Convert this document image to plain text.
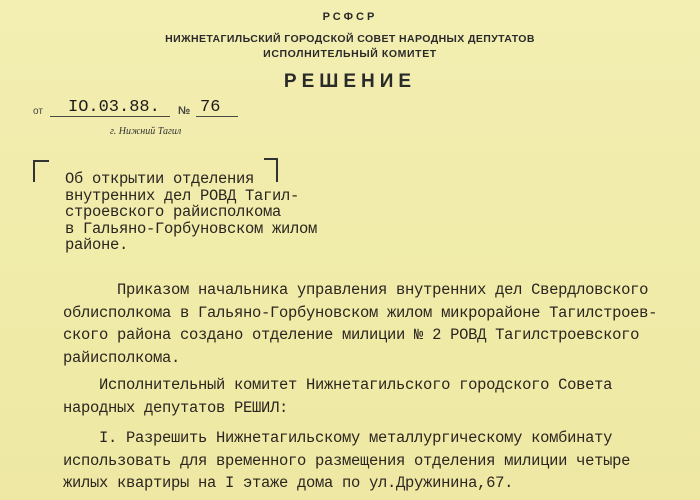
РСФСР
НИЖНЕТАГИЛЬСКИЙ ГОРОДСКОЙ СОВЕТ НАРОДНЫХ ДЕПУТАТОВ
ИСПОЛНИТЕЛЬНЫЙ КОМИТЕТ
РЕШЕНИЕ
от IO.03.88. № 76
г. Нижний Тагил
Об открытии отделения
внутренних дел РОВД Тагил-
строевского райисполкома
в Гальяно-Горбуновском жилом
районе.
Приказом начальника управления внутренних дел Свердловского
облисполкома в Гальяно-Горбуновском жилом микрорайоне Тагилстроев-
ского района создано отделение милиции № 2 РОВД Тагилстроевского
райисполкома.
Исполнительный комитет Нижнетагильского городского Совета
народных депутатов РЕШИЛ:
I. Разрешить Нижнетагильскому металлургическому комбинату
использовать для временного размещения отделения милиции четыре
жилых квартиры на I этаже дома по ул.Дружинина,67.
